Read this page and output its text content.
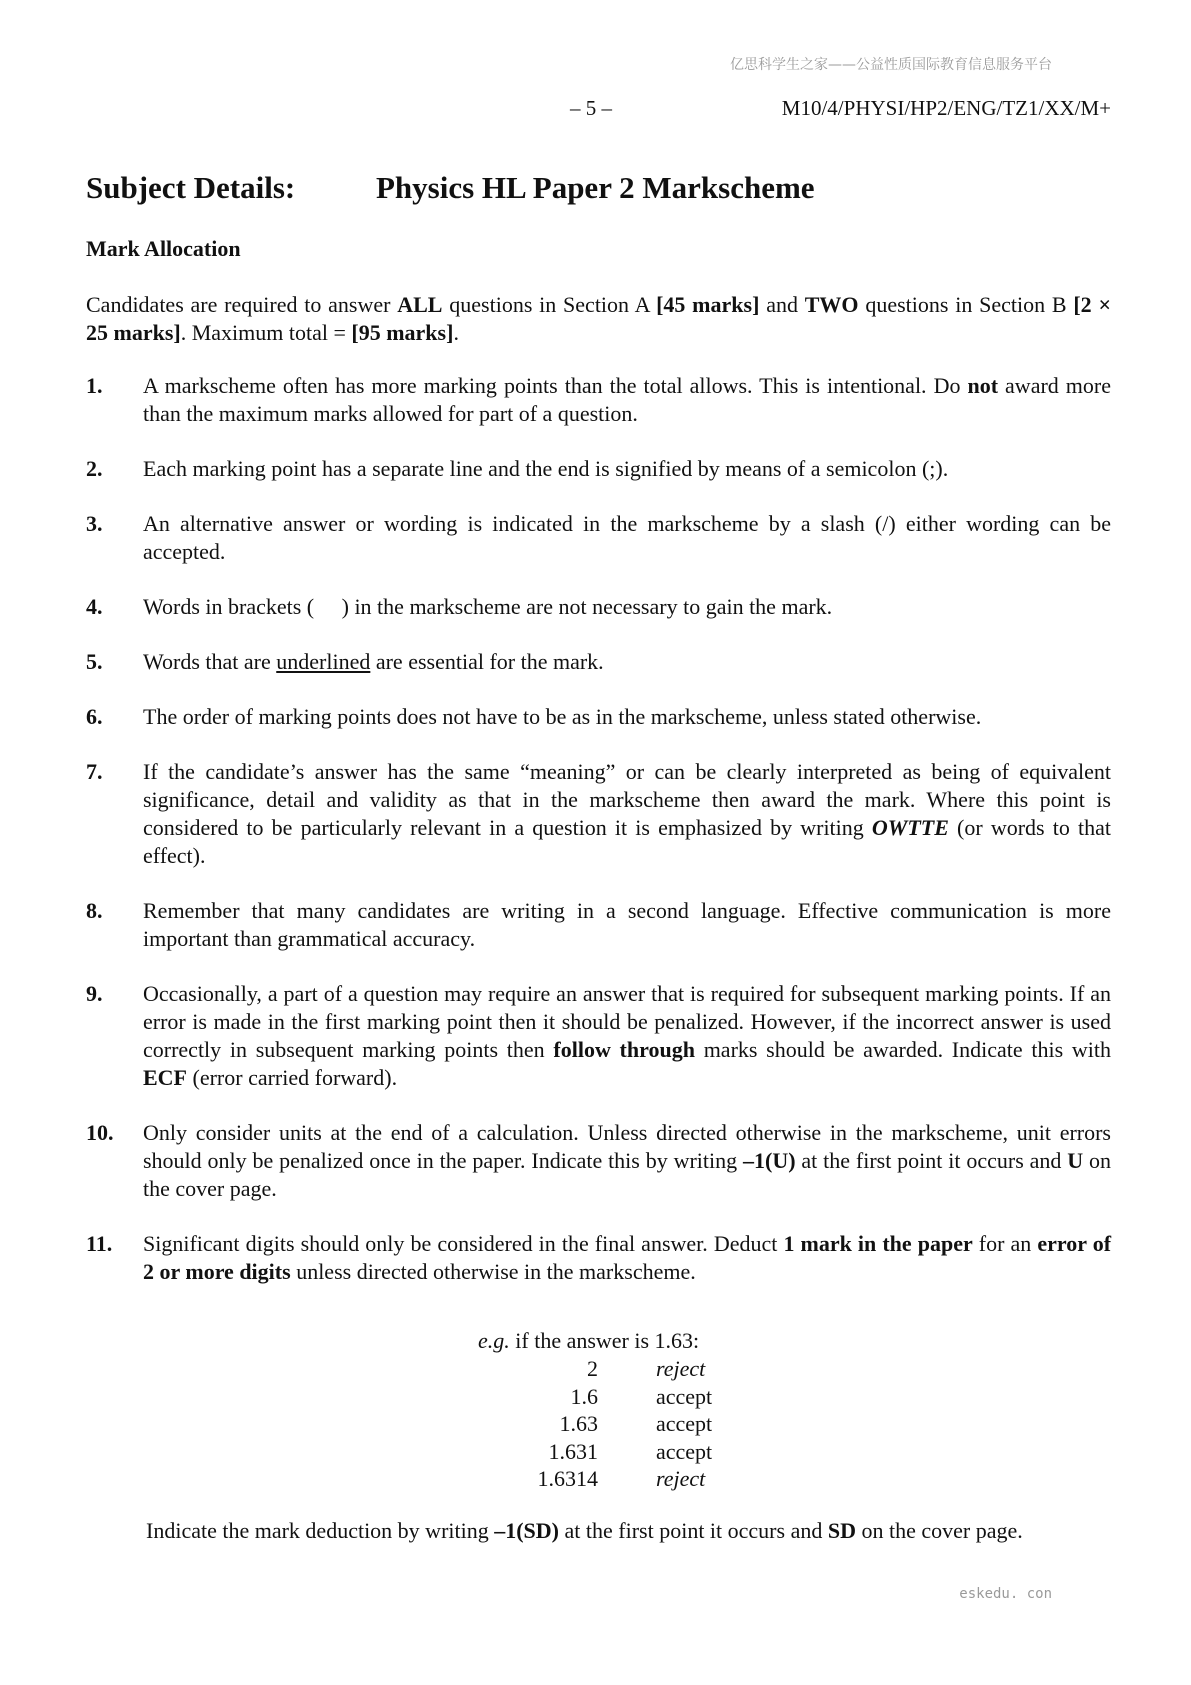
亿思科学生之家——公益性质国际教育信息服务平台
– 5 –	M10/4/PHYSI/HP2/ENG/TZ1/XX/M+
Subject Details:	Physics HL Paper 2 Markscheme
Mark Allocation
Candidates are required to answer ALL questions in Section A [45 marks] and TWO questions in Section B [2 × 25 marks]. Maximum total = [95 marks].
1.	A markscheme often has more marking points than the total allows. This is intentional. Do not award more than the maximum marks allowed for part of a question.
2.	Each marking point has a separate line and the end is signified by means of a semicolon (;).
3.	An alternative answer or wording is indicated in the markscheme by a slash (/) either wording can be accepted.
4.	Words in brackets (     ) in the markscheme are not necessary to gain the mark.
5.	Words that are underlined are essential for the mark.
6.	The order of marking points does not have to be as in the markscheme, unless stated otherwise.
7.	If the candidate’s answer has the same “meaning” or can be clearly interpreted as being of equivalent significance, detail and validity as that in the markscheme then award the mark. Where this point is considered to be particularly relevant in a question it is emphasized by writing OWTTE (or words to that effect).
8.	Remember that many candidates are writing in a second language. Effective communication is more important than grammatical accuracy.
9.	Occasionally, a part of a question may require an answer that is required for subsequent marking points. If an error is made in the first marking point then it should be penalized. However, if the incorrect answer is used correctly in subsequent marking points then follow through marks should be awarded. Indicate this with ECF (error carried forward).
10.	Only consider units at the end of a calculation. Unless directed otherwise in the markscheme, unit errors should only be penalized once in the paper. Indicate this by writing –1(U) at the first point it occurs and U on the cover page.
11.	Significant digits should only be considered in the final answer. Deduct 1 mark in the paper for an error of 2 or more digits unless directed otherwise in the markscheme.
e.g. if the answer is 1.63:
2	reject
1.6	accept
1.63	accept
1.631	accept
1.6314	reject
Indicate the mark deduction by writing –1(SD) at the first point it occurs and SD on the cover page.
eskedu. con
